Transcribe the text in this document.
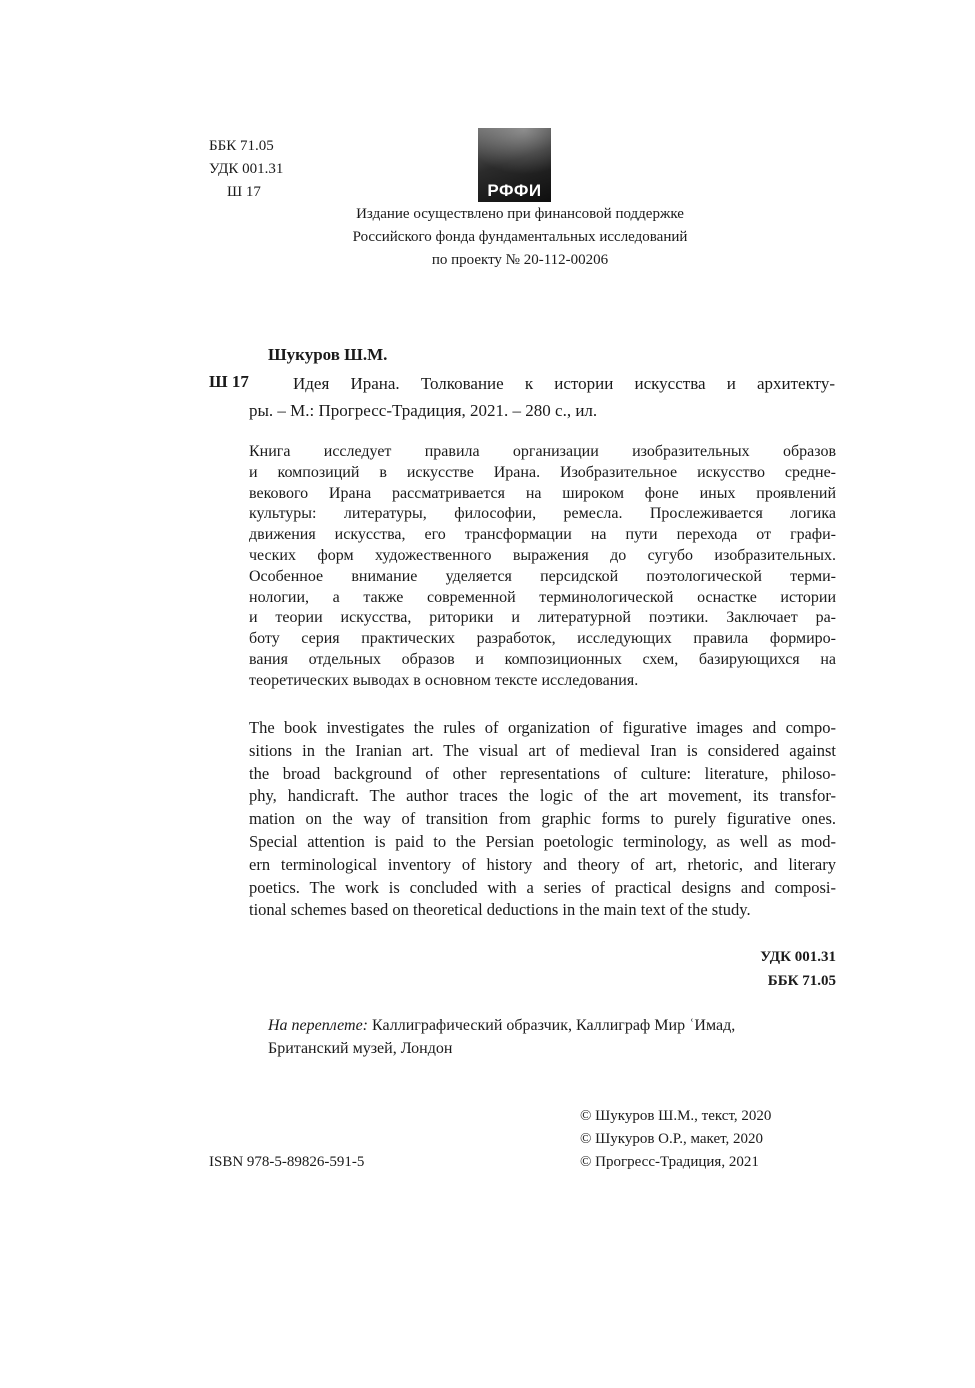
ББК 71.05
УДК 001.31
Ш 17	РФФИ
Издание осуществлено при финансовой поддержке
Российского фонда фундаментальных исследований
по проекту № 20-112-00206
Шукуров Ш.М.
Ш 17	Идея Ирана. Толкование к истории искусства и архитекту-
ры. – М.: Прогресс-Традиция, 2021. – 280 с., ил.
Книга исследует правила организации изобразительных образов
и композиций в искусстве Ирана. Изобразительное искусство средне-
векового Ирана рассматривается на широком фоне иных проявлений
культуры: литературы, философии, ремесла. Прослеживается логика
движения искусства, его трансформации на пути перехода от графи-
ческих форм художественного выражения до сугубо изобразительных.
Особенное внимание уделяется персидской поэтологической терми-
нологии, а также современной терминологической оснастке истории
и теории искусства, риторики и литературной поэтики. Заключает ра-
боту серия практических разработок, исследующих правила формиро-
вания отдельных образов и композиционных схем, базирующихся на
теоретических выводах в основном тексте исследования.
The book investigates the rules of organization of figurative images and compo-
sitions in the Iranian art. The visual art of medieval Iran is considered against
the broad background of other representations of culture: literature, philoso-
phy, handicraft. The author traces the logic of the art movement, its transfor-
mation on the way of transition from graphic forms to purely figurative ones.
Special attention is paid to the Persian poetologic terminology, as well as mod-
ern terminological inventory of history and theory of art, rhetoric, and literary
poetics. The work is concluded with a series of practical designs and composi-
tional schemes based on theoretical deductions in the main text of the study.
УДК 001.31
ББК 71.05
На переплете: Каллиграфический образчик, Каллиграф Мир ʿИмад,
Британский музей, Лондон
© Шукуров Ш.М., текст, 2020
© Шукуров О.Р., макет, 2020
© Прогресс-Традиция, 2021
ISBN 978-5-89826-591-5
